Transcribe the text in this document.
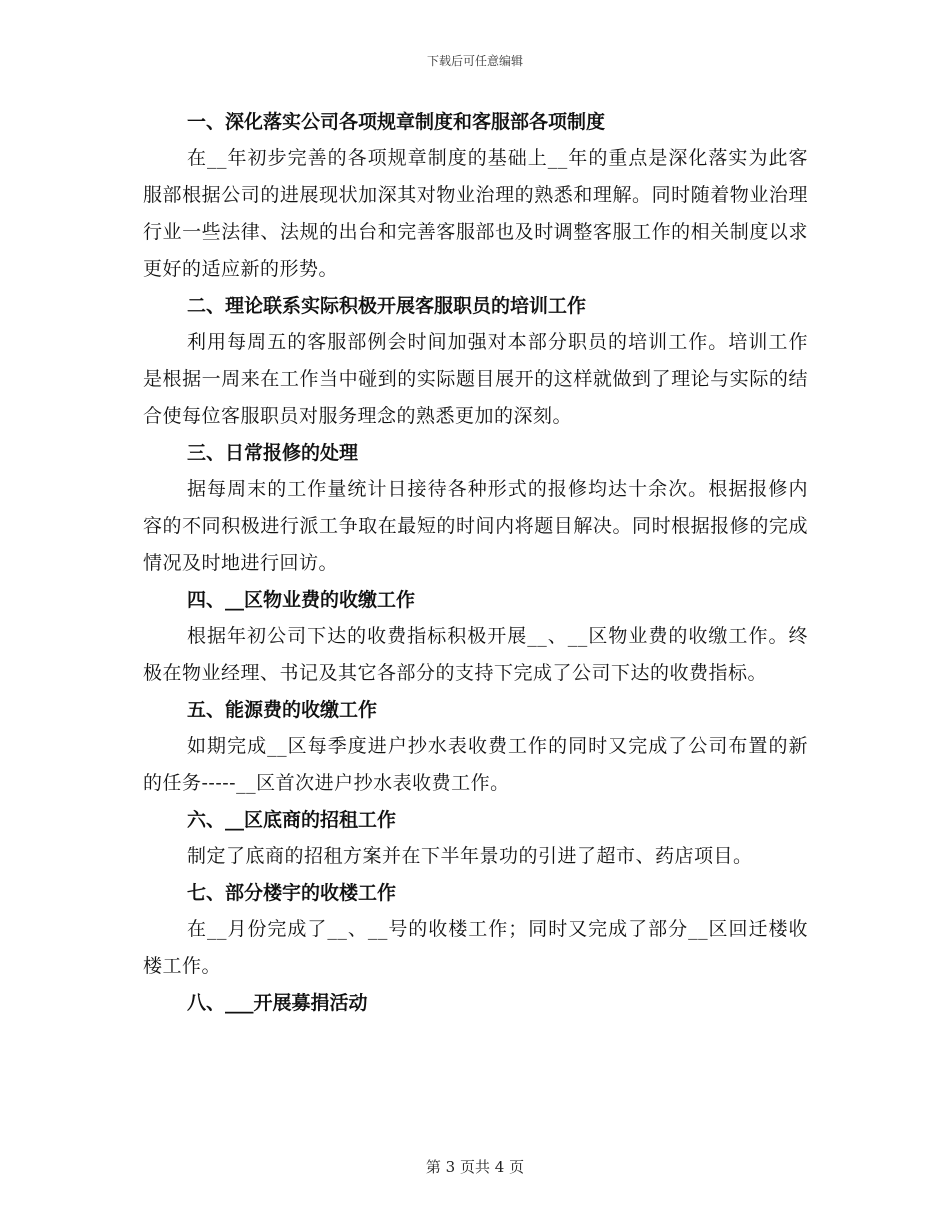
下载后可任意编辑

一、深化落实公司各项规章制度和客服部各项制度

在__年初步完善的各项规章制度的基础上__年的重点是深化落实为此客服部根据公司的进展现状加深其对物业治理的熟悉和理解。同时随着物业治理行业一些法律、法规的出台和完善客服部也及时调整客服工作的相关制度以求更好的适应新的形势。

二、理论联系实际积极开展客服职员的培训工作

利用每周五的客服部例会时间加强对本部分职员的培训工作。培训工作是根据一周来在工作当中碰到的实际题目展开的这样就做到了理论与实际的结合使每位客服职员对服务理念的熟悉更加的深刻。

三、日常报修的处理

据每周末的工作量统计日接待各种形式的报修均达十余次。根据报修内容的不同积极进行派工争取在最短的时间内将题目解决。同时根据报修的完成情况及时地进行回访。

四、__区物业费的收缴工作

根据年初公司下达的收费指标积极开展__、__区物业费的收缴工作。终极在物业经理、书记及其它各部分的支持下完成了公司下达的收费指标。

五、能源费的收缴工作

如期完成__区每季度进户抄水表收费工作的同时又完成了公司布置的新的任务-----__区首次进户抄水表收费工作。

六、__区底商的招租工作

制定了底商的招租方案并在下半年景功的引进了超市、药店项目。

七、部分楼宇的收楼工作

在__月份完成了__、__号的收楼工作；同时又完成了部分__区回迁楼收楼工作。

八、___开展募捐活动

第 3 页共 4 页
